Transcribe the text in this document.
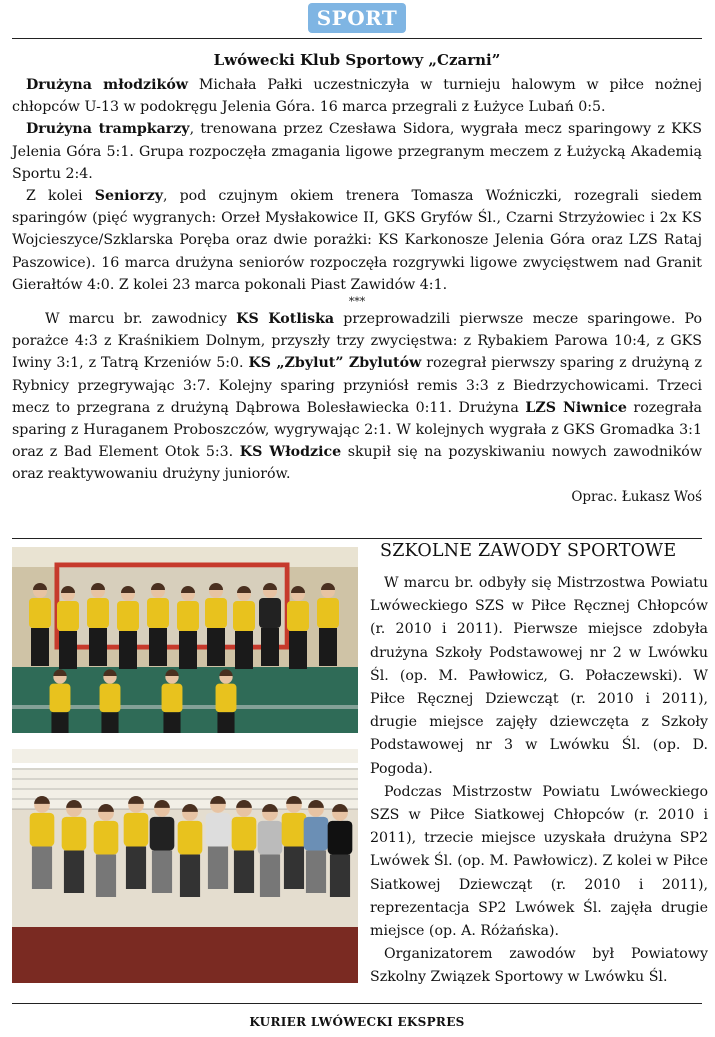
SPORT
Lwówecki Klub Sportowy „Czarni”

Drużyna młodzików Michała Pałki uczestniczyła w turnieju halowym w piłce nożnej chłopców U-13 w podokręgu Jelenia Góra. 16 marca przegrali z Łużyce Lubań 0:5.

Drużyna trampkarzy, trenowana przez Czesława Sidora, wygrała mecz sparingowy z KKS Jelenia Góra 5:1. Grupa rozpoczęła zmagania ligowe przegranym meczem z Łużycką Akademią Sportu 2:4.

Z kolei Seniorzy, pod czujnym okiem trenera Tomasza Woźniczki, rozegrali siedem sparingów (pięć wygranych: Orzeł Mysłakowice II, GKS Gryfów Śl., Czarni Strzyżowiec i 2x KS Wojcieszyce/Szklarska Poręba oraz dwie porażki: KS Karkonosze Jelenia Góra oraz LZS Rataj Paszowice). 16 marca drużyna seniorów rozpoczęła rozgrywki ligowe zwycięstwem nad Granit Gierałtów 4:0. Z kolei 23 marca pokonali Piast Zawidów 4:1.

***

W marcu br. zawodnicy KS Kotliska przeprowadzili pierwsze mecze sparingowe. Po porażce 4:3 z Kraśnikiem Dolnym, przyszły trzy zwycięstwa: z Rybakiem Parowa 10:4, z GKS Iwiny 3:1, z Tatrą Krzeniów 5:0. KS „Zbylut” Zbylutów rozegrał pierwszy sparing z drużyną z Rybnicy przegrywając 3:7. Kolejny sparing przyniósł remis 3:3 z Biedrzychowicami. Trzeci mecz to przegrana z drużyną Dąbrowa Bolesławiecka 0:11. Drużyna LZS Niwnice rozegrała sparing z Huraganem Proboszczów, wygrywając 2:1. W kolejnych wygrała z GKS Gromadka 3:1 oraz z Bad Element Otok 5:3. KS Włodzice skupił się na pozyskiwaniu nowych zawodników oraz reaktywowaniu drużyny juniorów.

Oprac. Łukasz Woś

SZKOLNE ZAWODY SPORTOWE

W marcu br. odbyły się Mistrzostwa Powiatu Lwóweckiego SZS w Piłce Ręcznej Chłopców (r. 2010 i 2011). Pierwsze miejsce zdobyła drużyna Szkoły Podstawowej nr 2 w Lwówku Śl. (op. M. Pawłowicz, G. Połaczewski). W Piłce Ręcznej Dziewcząt (r. 2010 i 2011), drugie miejsce zajęły dziewczęta z Szkoły Podstawowej nr 3 w Lwówku Śl. (op. D. Pogoda).

Podczas Mistrzostw Powiatu Lwóweckiego SZS w Piłce Siatkowej Chłopców (r. 2010 i 2011), trzecie miejsce uzyskała drużyna SP2 Lwówek Śl. (op. M. Pawłowicz). Z kolei w Piłce Siatkowej Dziewcząt (r. 2010 i 2011), reprezentacja SP2 Lwówek Śl. zajęła drugie miejsce (op. A. Różańska).

Organizatorem zawodów był Powiatowy Szkolny Związek Sportowy w Lwówku Śl.

KURIER LWÓWECKI EKSPRES
